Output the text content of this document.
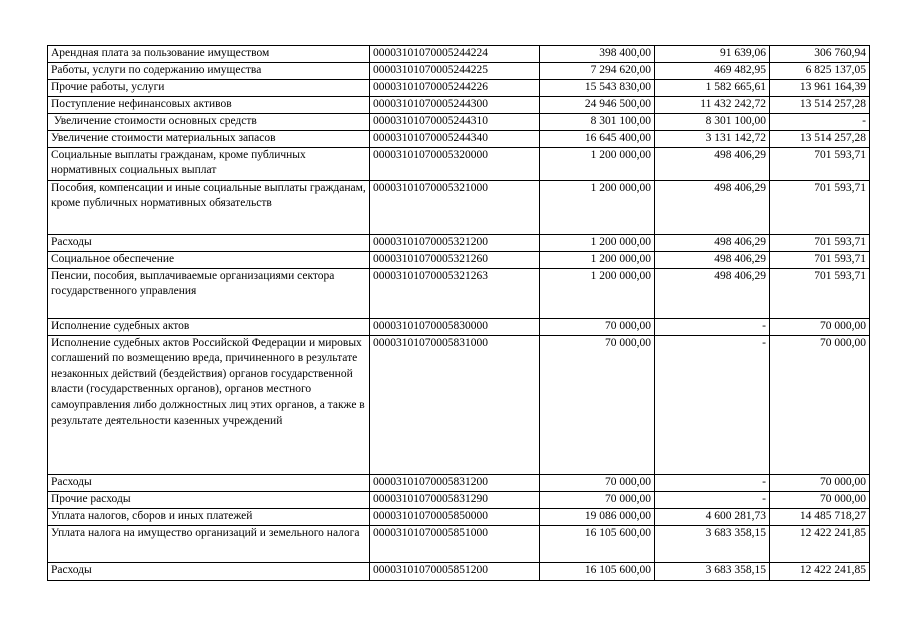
Арендная плата за пользование имуществом	00003101070005244224	398 400,00	91 639,06	306 760,94
Работы, услуги по содержанию имущества	00003101070005244225	7 294 620,00	469 482,95	6 825 137,05
Прочие работы, услуги	00003101070005244226	15 543 830,00	1 582 665,61	13 961 164,39
Поступление нефинансовых активов	00003101070005244300	24 946 500,00	11 432 242,72	13 514 257,28
Увеличение стоимости основных средств	00003101070005244310	8 301 100,00	8 301 100,00	-
Увеличение стоимости материальных запасов	00003101070005244340	16 645 400,00	3 131 142,72	13 514 257,28
Социальные выплаты гражданам, кроме публичных нормативных социальных выплат	00003101070005320000	1 200 000,00	498 406,29	701 593,71
Пособия, компенсации и иные социальные выплаты гражданам, кроме публичных нормативных обязательств	00003101070005321000	1 200 000,00	498 406,29	701 593,71
Расходы	00003101070005321200	1 200 000,00	498 406,29	701 593,71
Социальное обеспечение	00003101070005321260	1 200 000,00	498 406,29	701 593,71
Пенсии, пособия, выплачиваемые организациями сектора государственного управления	00003101070005321263	1 200 000,00	498 406,29	701 593,71
Исполнение судебных актов	00003101070005830000	70 000,00	-	70 000,00
Исполнение судебных актов Российской Федерации и мировых соглашений по возмещению вреда, причиненного в результате незаконных действий (бездействия) органов государственной власти (государственных органов), органов местного самоуправления либо должностных лиц этих органов, а также в результате деятельности казенных учреждений	00003101070005831000	70 000,00	-	70 000,00
Расходы	00003101070005831200	70 000,00	-	70 000,00
Прочие расходы	00003101070005831290	70 000,00	-	70 000,00
Уплата налогов, сборов и иных платежей	00003101070005850000	19 086 000,00	4 600 281,73	14 485 718,27
Уплата налога на имущество организаций и земельного налога	00003101070005851000	16 105 600,00	3 683 358,15	12 422 241,85
Расходы	00003101070005851200	16 105 600,00	3 683 358,15	12 422 241,85
